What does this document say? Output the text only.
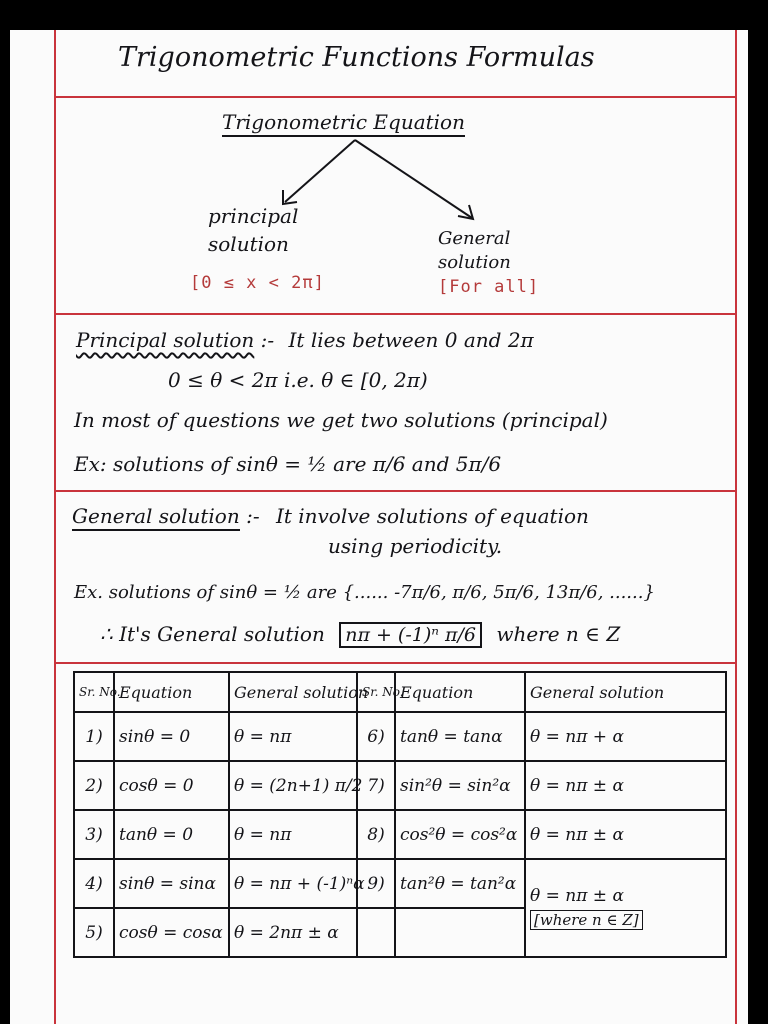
Trigonometric Functions Formulas
Trigonometric Equation
principal
solution
[0 ≤ x < 2π]
General
solution
[For all]
Principal solution :- It lies between 0 and 2π
0 ≤ θ < 2π i.e. θ ∈ [0, 2π)
In most of questions we get two solutions (principal)
Ex: solutions of sinθ = ½ are π/6 and 5π/6
General solution :- It involve solutions of equation
using periodicity.
Ex. solutions of sinθ = ½ are {...... -7π/6, π/6, 5π/6, 13π/6, ......}
∴ It's General solution nπ + (-1)ⁿ π/6 where n ∈ Z
Sr. No.	Equation	General solution	Sr. No.	Equation	General solution
1)	sinθ = 0	θ = nπ	6)	tanθ = tanα	θ = nπ + α
2)	cosθ = 0	θ = (2n+1) π/2	7)	sin²θ = sin²α	θ = nπ ± α
3)	tanθ = 0	θ = nπ	8)	cos²θ = cos²α	θ = nπ ± α
4)	sinθ = sinα	θ = nπ + (-1)ⁿα	9)	tan²θ = tan²α	θ = nπ ± α
[where n ∈ Z]

5)	cosθ = cosα	θ = 2nπ ± α			
